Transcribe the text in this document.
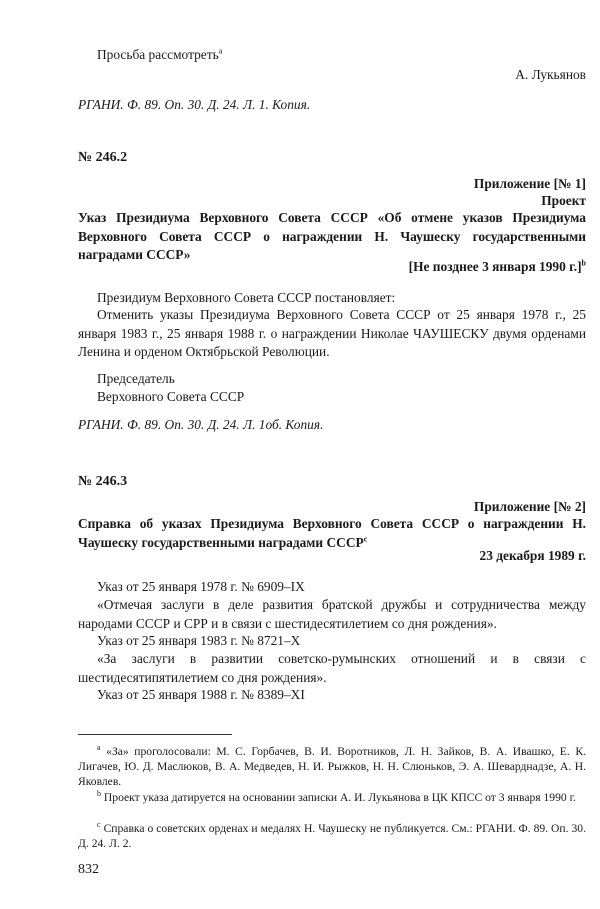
Просьба рассмотреть$^a$

А. Лукьянов

РГАНИ. Ф. 89. Оп. 30. Д. 24. Л. 1. Копия.

№ 246.2

Приложение [№ 1]

Проект

Указ Президиума Верховного Совета СССР «Об отмене указов Президиума Верховного Совета СССР о награждении Н. Чаушеску государственными наградами СССР»

[Не позднее 3 января 1990 г.]$^b$

Президиум Верховного Совета СССР постановляет:

Отменить указы Президиума Верховного Совета СССР от 25 января 1978 г., 25 января 1983 г., 25 января 1988 г. о награждении Николае ЧАУШЕСКУ двумя орденами Ленина и орденом Октябрьской Революции.

Председатель

Верховного Совета СССР

РГАНИ. Ф. 89. Оп. 30. Д. 24. Л. 1об. Копия.

№ 246.3

Приложение [№ 2]

Справка об указах Президиума Верховного Совета СССР о награждении Н. Чаушеску государственными наградами СССР$^c$

23 декабря 1989 г.

Указ от 25 января 1978 г. № 6909–IX

«Отмечая заслуги в деле развития братской дружбы и сотрудничества между народами СССР и СРР и в связи с шестидесятилетием со дня рождения».

Указ от 25 января 1983 г. № 8721–X

«За заслуги в развитии советско-румынских отношений и в связи с шестидесятипятилетием со дня рождения».

Указ от 25 января 1988 г. № 8389–XI

$^a$ «За» проголосовали: М. С. Горбачев, В. И. Воротников, Л. Н. Зайков, В. А. Ивашко, Е. К. Лигачев, Ю. Д. Маслюков, В. А. Медведев, Н. И. Рыжков, Н. Н. Слюньков, Э. А. Шеварднадзе, А. Н. Яковлев.

$^b$ Проект указа датируется на основании записки А. И. Лукьянова в ЦК КПСС от 3 января 1990 г.

$^c$ Справка о советских орденах и медалях Н. Чаушеску не публикуется. См.: РГАНИ. Ф. 89. Оп. 30. Д. 24. Л. 2.

832
